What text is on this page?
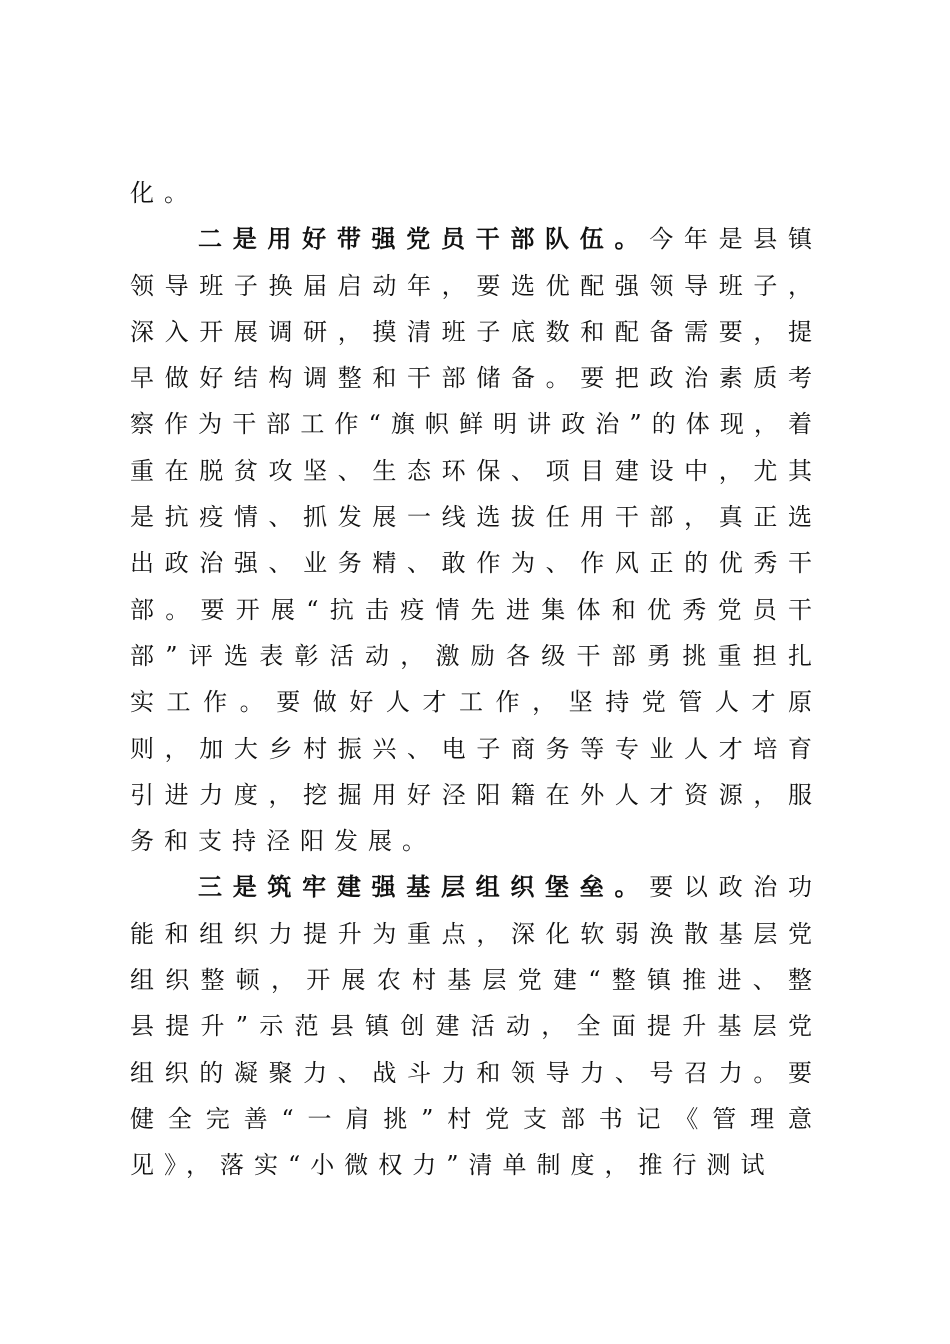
化。

二是用好带强党员干部队伍。今年是县镇领导班子换届启动年，要选优配强领导班子，深入开展调研，摸清班子底数和配备需要，提早做好结构调整和干部储备。要把政治素质考察作为干部工作“旗帜鲜明讲政治”的体现，着重在脱贫攻坚、生态环保、项目建设中，尤其是抗疫情、抓发展一线选拔任用干部，真正选出政治强、业务精、敢作为、作风正的优秀干部。要开展“抗击疫情先进集体和优秀党员干部”评选表彰活动，激励各级干部勇挑重担扎实工作。要做好人才工作，坚持党管人才原则，加大乡村振兴、电子商务等专业人才培育引进力度，挖掘用好泾阳籍在外人才资源，服务和支持泾阳发展。

三是筑牢建强基层组织堡垒。要以政治功能和组织力提升为重点，深化软弱涣散基层党组织整顿，开展农村基层党建“整镇推进、整县提升”示范县镇创建活动，全面提升基层党组织的凝聚力、战斗力和领导力、号召力。要健全完善“一肩挑”村党支部书记《管理意见》，落实“小微权力”清单制度，推行测试
